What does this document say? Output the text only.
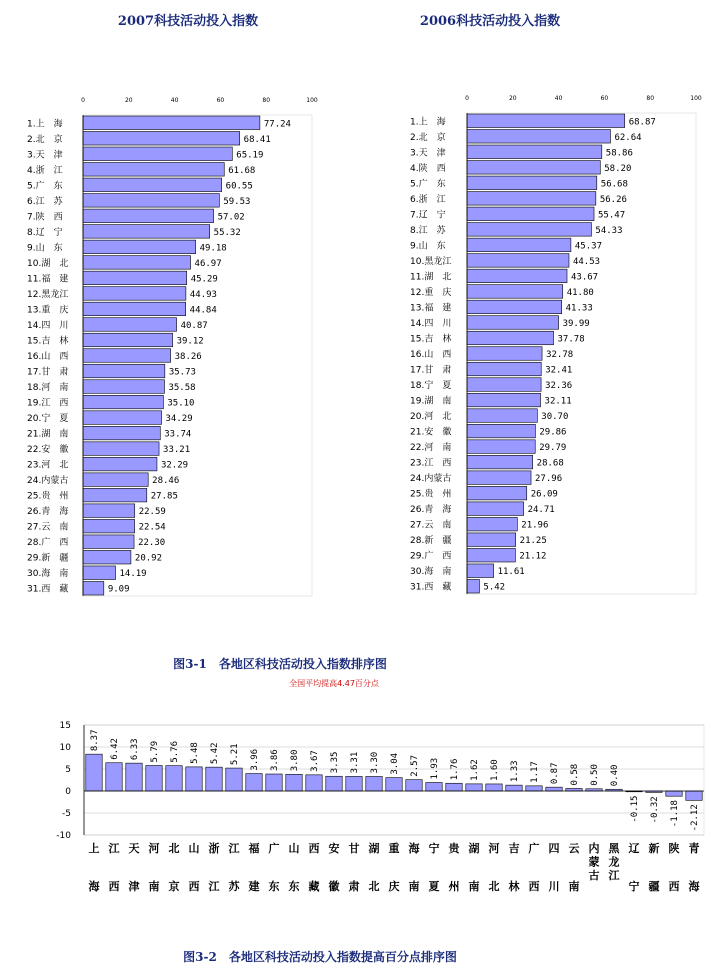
2007科技活动投入指数	2006科技活动投入指数
0	20	40	60	80	100
77.24
1.上　海
68.41
2.北　京
65.19
3.天　津
61.68
4.浙　江
60.55
5.广　东
59.53
6.江　苏
57.02
7.陕　西
55.32
8.辽　宁
49.18
9.山　东
46.97
10.湖　北
45.29
11.福　建
44.93
12.黑龙江
44.84
13.重　庆
40.87
14.四　川
39.12
15.吉　林
38.26
16.山　西
35.73
17.甘　肃
35.58
18.河　南
35.10
19.江　西
34.29
20.宁　夏
33.74
21.湖　南
33.21
22.安　徽
32.29
23.河　北
28.46
24.内蒙古
27.85
25.贵　州
22.59
26.青　海
22.54
27.云　南
22.30
28.广　西
20.92
29.新　疆
14.19
30.海　南
9.09
31.西　藏
0	20	40	60	80	100
68.87
1.上　海
62.64
2.北　京
58.86
3.天　津
58.20
4.陕　西
56.68
5.广　东
56.26
6.浙　江
55.47
7.辽　宁
54.33
8.江　苏
45.37
9.山　东
44.53
10.黑龙江
43.67
11.湖　北
41.80
12.重　庆
41.33
13.福　建
39.99
14.四　川
37.78
15.吉　林
32.78
16.山　西
32.41
17.甘　肃
32.36
18.宁　夏
32.11
19.湖　南
30.70
20.河　北
29.86
21.安　徽
29.79
22.河　南
28.68
23.江　西
27.96
24.内蒙古
26.09
25.贵　州
24.71
26.青　海
21.96
27.云　南
21.25
28.新　疆
21.12
29.广　西
11.61
30.海　南
5.42
31.西　藏
图3-1　各地区科技活动投入指数排序图
全国平均提高4.47百分点
15
10
5
0
-5
-10
8.37
上
海
6.42
江
西
6.33
天
津
5.79
河
南
5.76
北
京
5.48
山
西
5.42
浙
江
5.21
江
苏
3.96
福
建
3.86
广
东
3.80
山
东
3.67
西
藏
3.35
安
徽
3.31
甘
肃
3.30
湖
北
3.04
重
庆
2.57
海
南
1.93
宁
夏
1.76
贵
州
1.62
湖
南
1.60
河
北
1.33
吉
林
1.17
广
西
0.87
四
川
0.58
云
南
0.50
内
蒙
古
0.40
黑
龙
江
-0.15
辽
宁
-0.32
新
疆
-1.18
陕
西
-2.12
青
海
图3-2　各地区科技活动投入指数提高百分点排序图
